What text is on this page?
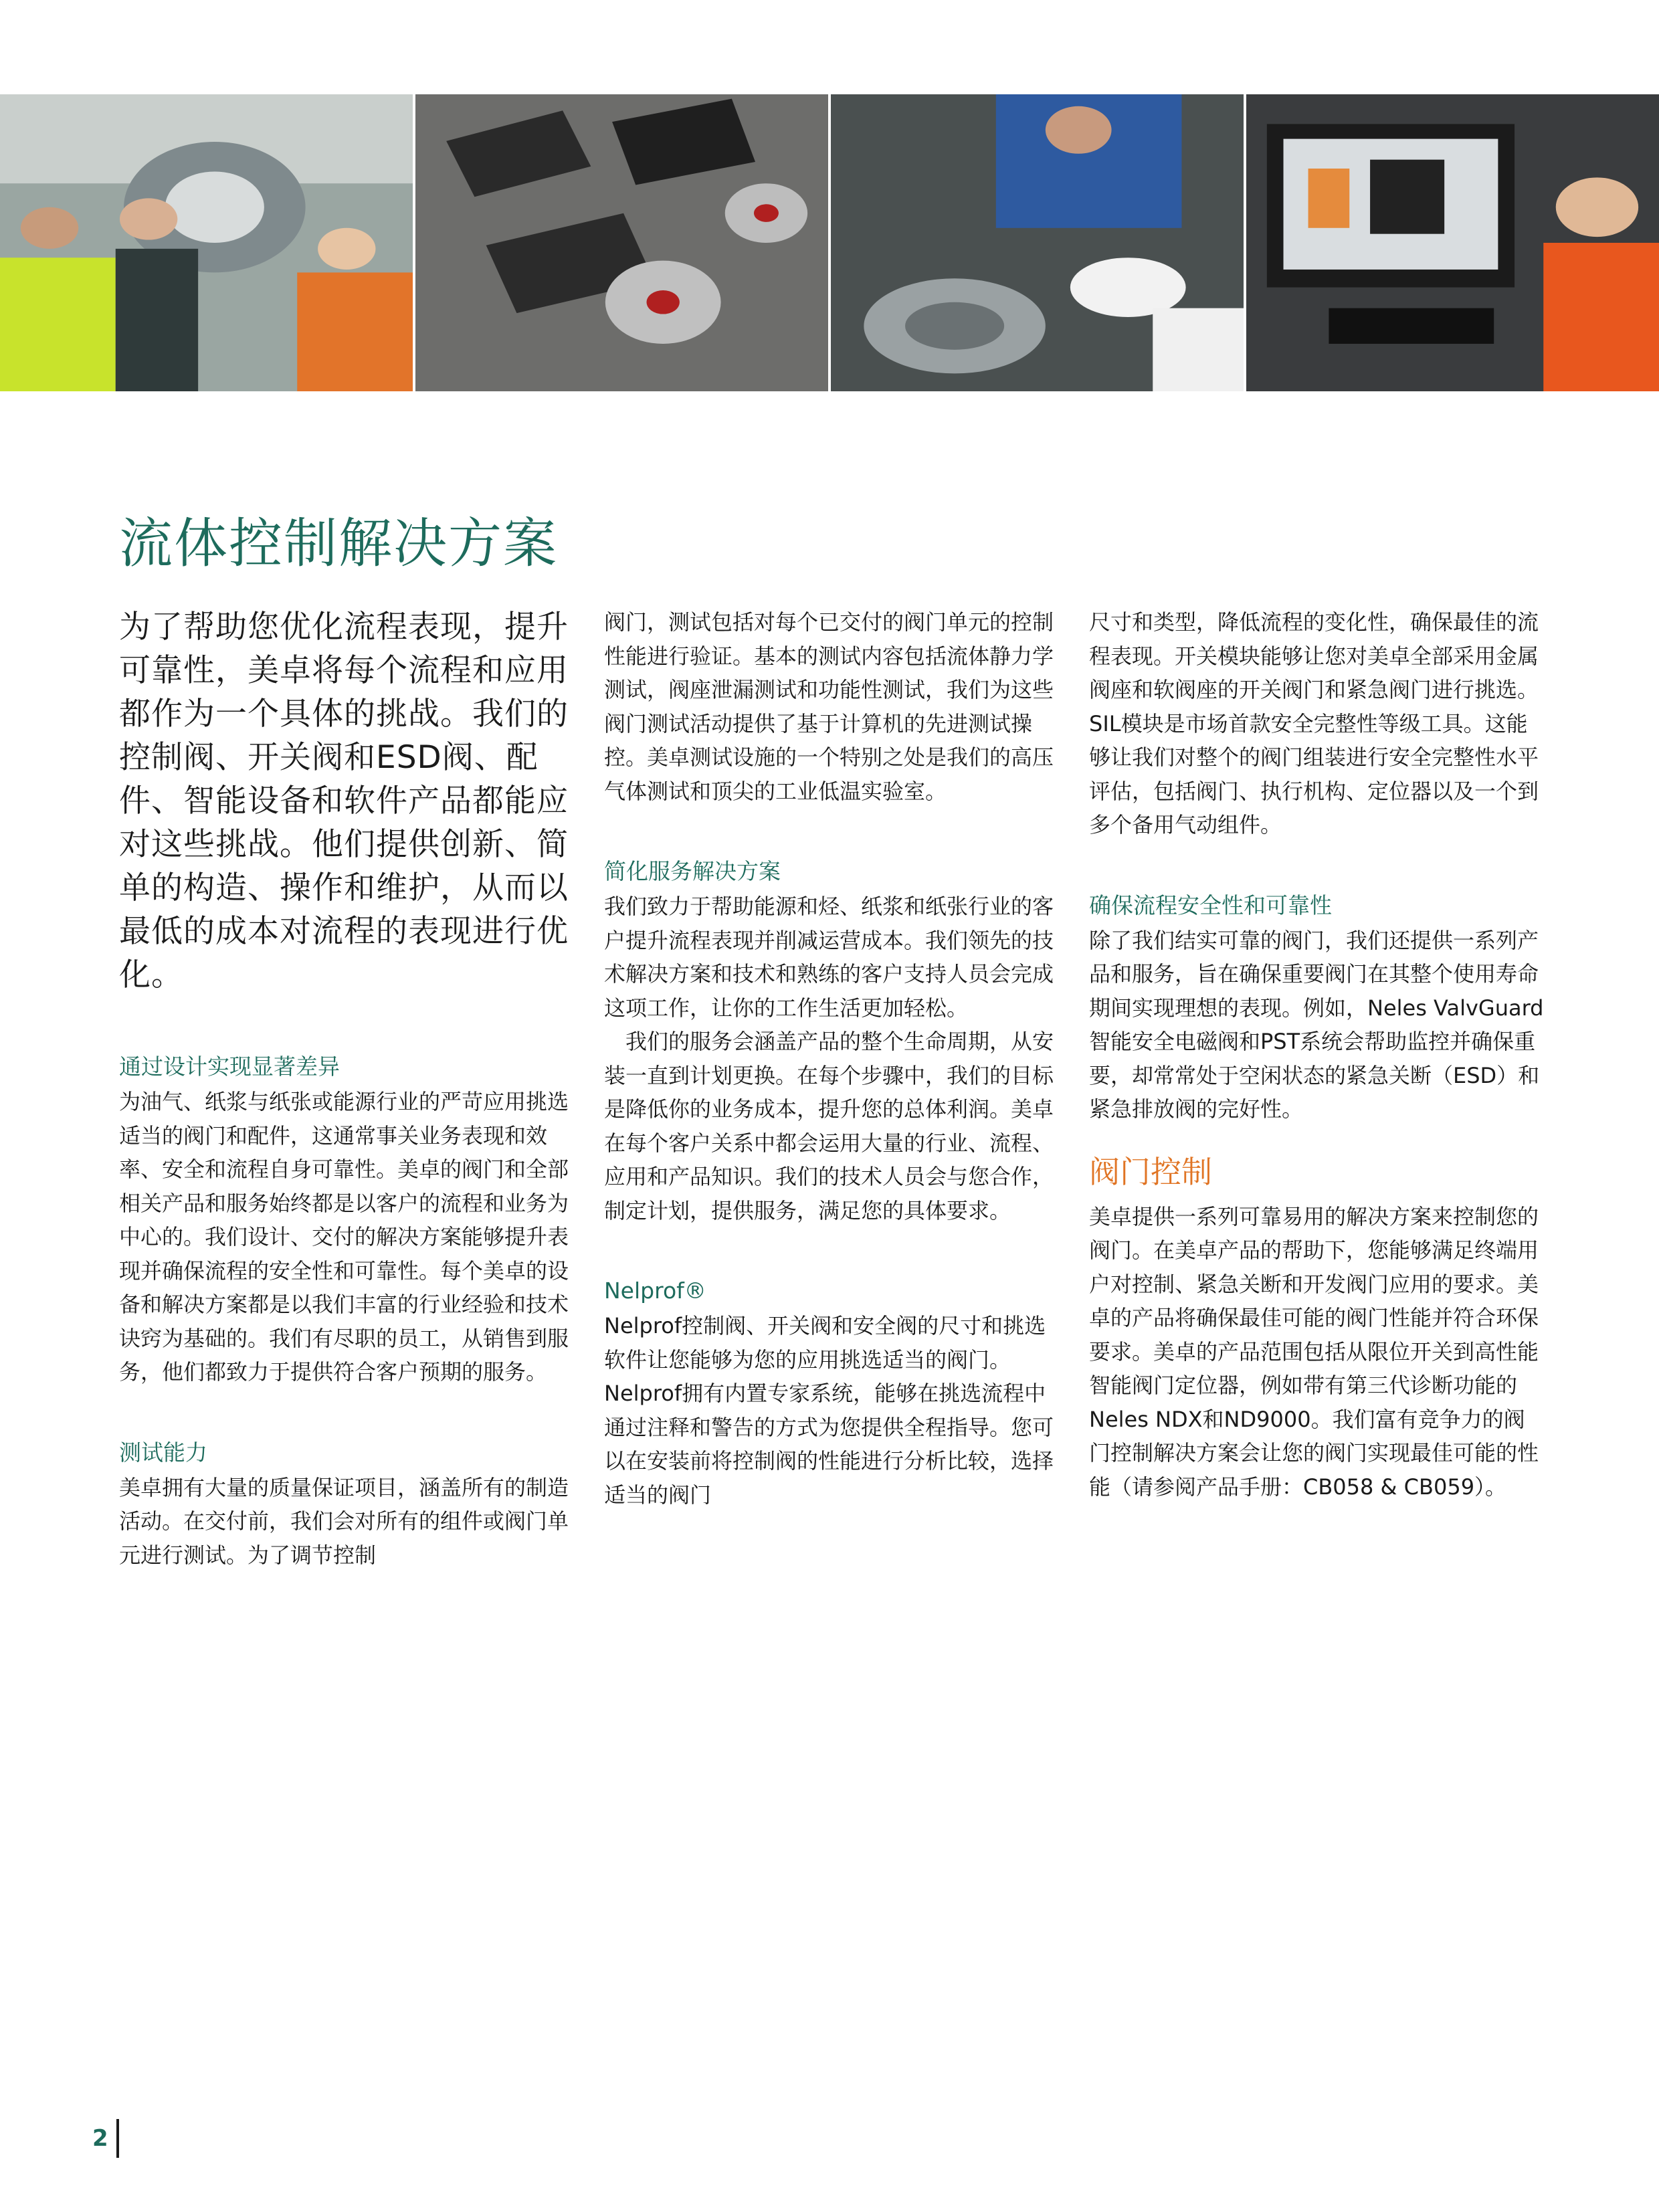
流体控制解决方案

为了帮助您优化流程表现，提升可靠性，美卓将每个流程和应用都作为一个具体的挑战。我们的控制阀、开关阀和ESD阀、配件、智能设备和软件产品都能应对这些挑战。他们提供创新、简单的构造、操作和维护，从而以最低的成本对流程的表现进行优化。

通过设计实现显著差异

为油气、纸浆与纸张或能源行业的严苛应用挑选适当的阀门和配件，这通常事关业务表现和效率、安全和流程自身可靠性。美卓的阀门和全部相关产品和服务始终都是以客户的流程和业务为中心的。我们设计、交付的解决方案能够提升表现并确保流程的安全性和可靠性。每个美卓的设备和解决方案都是以我们丰富的行业经验和技术诀窍为基础的。我们有尽职的员工，从销售到服务，他们都致力于提供符合客户预期的服务。

测试能力

美卓拥有大量的质量保证项目，涵盖所有的制造活动。在交付前，我们会对所有的组件或阀门单元进行测试。为了调节控制

阀门，测试包括对每个已交付的阀门单元的控制性能进行验证。基本的测试内容包括流体静力学测试，阀座泄漏测试和功能性测试，我们为这些阀门测试活动提供了基于计算机的先进测试操控。美卓测试设施的一个特别之处是我们的高压气体测试和顶尖的工业低温实验室。

简化服务解决方案

我们致力于帮助能源和烃、纸浆和纸张行业的客户提升流程表现并削减运营成本。我们领先的技术解决方案和技术和熟练的客户支持人员会完成这项工作，让你的工作生活更加轻松。

我们的服务会涵盖产品的整个生命周期，从安装一直到计划更换。在每个步骤中，我们的目标是降低你的业务成本，提升您的总体利润。美卓在每个客户关系中都会运用大量的行业、流程、应用和产品知识。我们的技术人员会与您合作，制定计划，提供服务，满足您的具体要求。

Nelprof®

Nelprof控制阀、开关阀和安全阀的尺寸和挑选软件让您能够为您的应用挑选适当的阀门。Nelprof拥有内置专家系统，能够在挑选流程中通过注释和警告的方式为您提供全程指导。您可以在安装前将控制阀的性能进行分析比较，选择适当的阀门

尺寸和类型，降低流程的变化性，确保最佳的流程表现。开关模块能够让您对美卓全部采用金属阀座和软阀座的开关阀门和紧急阀门进行挑选。SIL模块是市场首款安全完整性等级工具。这能够让我们对整个的阀门组装进行安全完整性水平评估，包括阀门、执行机构、定位器以及一个到多个备用气动组件。

确保流程安全性和可靠性

除了我们结实可靠的阀门，我们还提供一系列产品和服务，旨在确保重要阀门在其整个使用寿命期间实现理想的表现。例如，Neles ValvGuard智能安全电磁阀和PST系统会帮助监控并确保重要，却常常处于空闲状态的紧急关断（ESD）和紧急排放阀的完好性。

阀门控制

美卓提供一系列可靠易用的解决方案来控制您的阀门。在美卓产品的帮助下，您能够满足终端用户对控制、紧急关断和开发阀门应用的要求。美卓的产品将确保最佳可能的阀门性能并符合环保要求。美卓的产品范围包括从限位开关到高性能智能阀门定位器，例如带有第三代诊断功能的Neles NDX和ND9000。我们富有竞争力的阀门控制解决方案会让您的阀门实现最佳可能的性能（请参阅产品手册：CB058 & CB059）。

2
